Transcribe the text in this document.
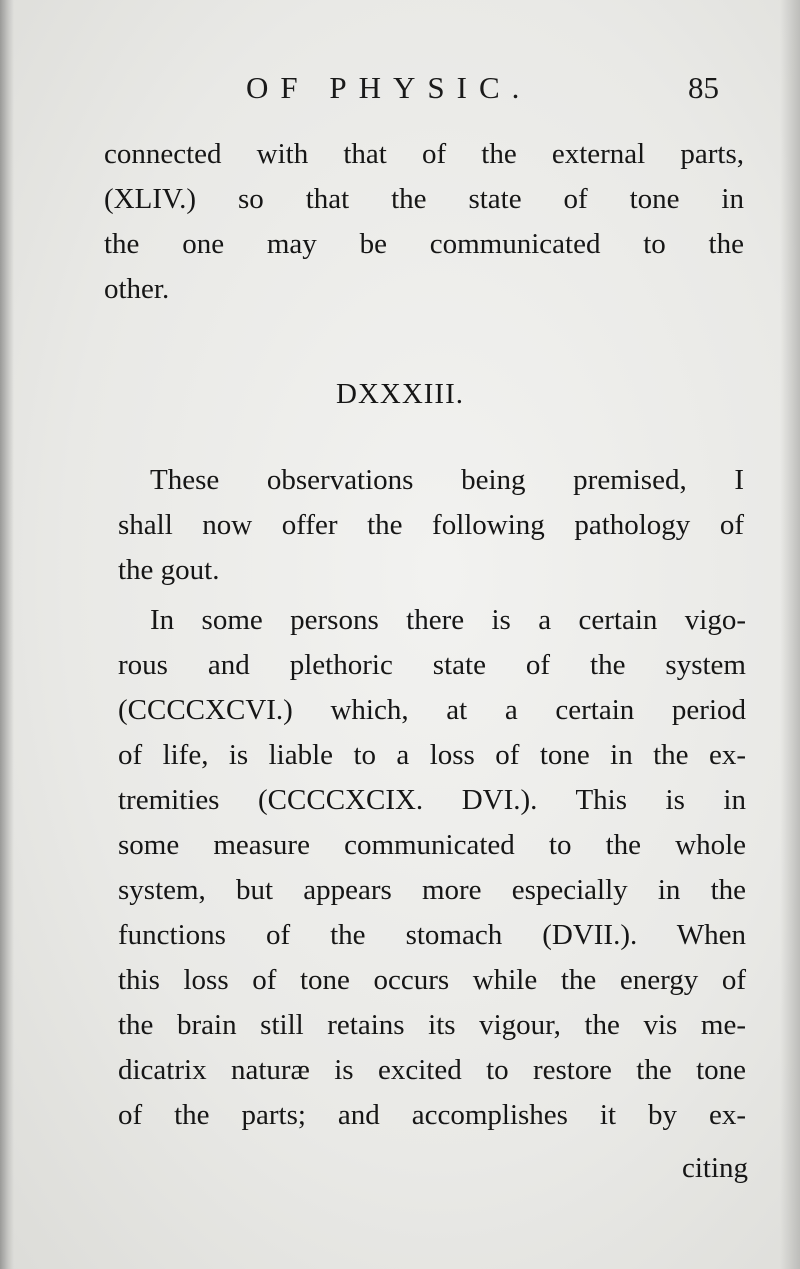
OF PHYSIC.	85
connected with that of the external parts,
(XLIV.) so that the state of tone in
the one may be communicated to the
other.
DXXXIII.
These observations being premised, I
shall now offer the following pathology of
the gout.
In some persons there is a certain vigo-
rous and plethoric state of the system
(CCCCXCVI.) which, at a certain period
of life, is liable to a loss of tone in the ex-
tremities (CCCCXCIX. DVI.). This is in
some measure communicated to the whole
system, but appears more especially in the
functions of the stomach (DVII.). When
this loss of tone occurs while the energy of
the brain still retains its vigour, the vis me-
dicatrix naturæ is excited to restore the tone
of the parts; and accomplishes it by ex-
citing
